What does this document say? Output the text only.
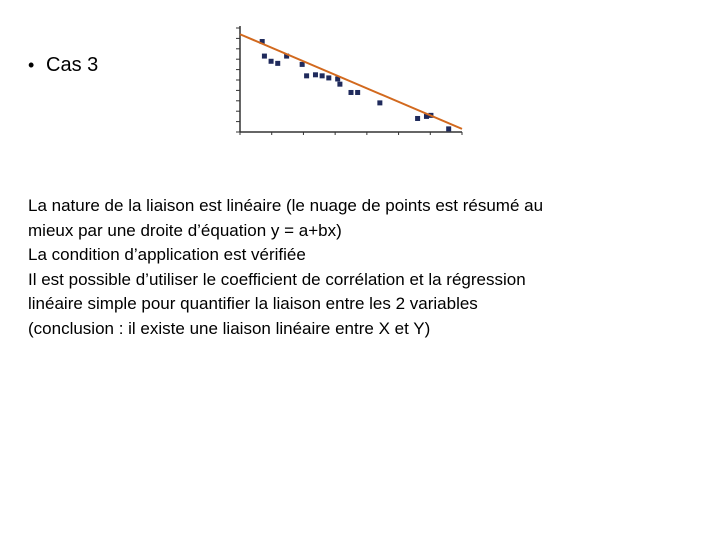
• Cas 3
La nature de la liaison est linéaire (le nuage de points est résumé au
mieux par une droite d’équation y = a+bx)
La condition d’application est vérifiée
Il est possible d’utiliser le coefficient de corrélation et la régression
linéaire simple pour quantifier la liaison entre les 2 variables
(conclusion : il existe une liaison linéaire entre X et Y)
